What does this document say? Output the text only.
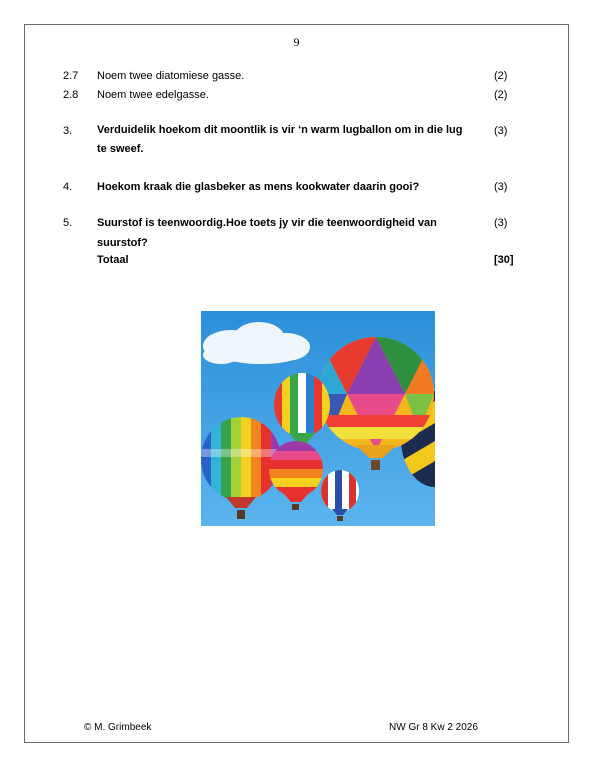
9
2.7 Noem twee diatomiese gasse.	(2)
2.8 Noem twee edelgasse.	(2)
3. Verduidelik hoekom dit moontlik is vir ‘n warm lugballon om in die lug te sweef.
(3)
4. Hoekom kraak die glasbeker as mens kookwater daarin gooi?	(3)
5. Suurstof is teenwoordig.Hoe toets jy vir die teenwoordigheid van suurstof?
(3)
Totaal	[30]
© M. Grimbeek	NW Gr 8 Kw 2 2026
